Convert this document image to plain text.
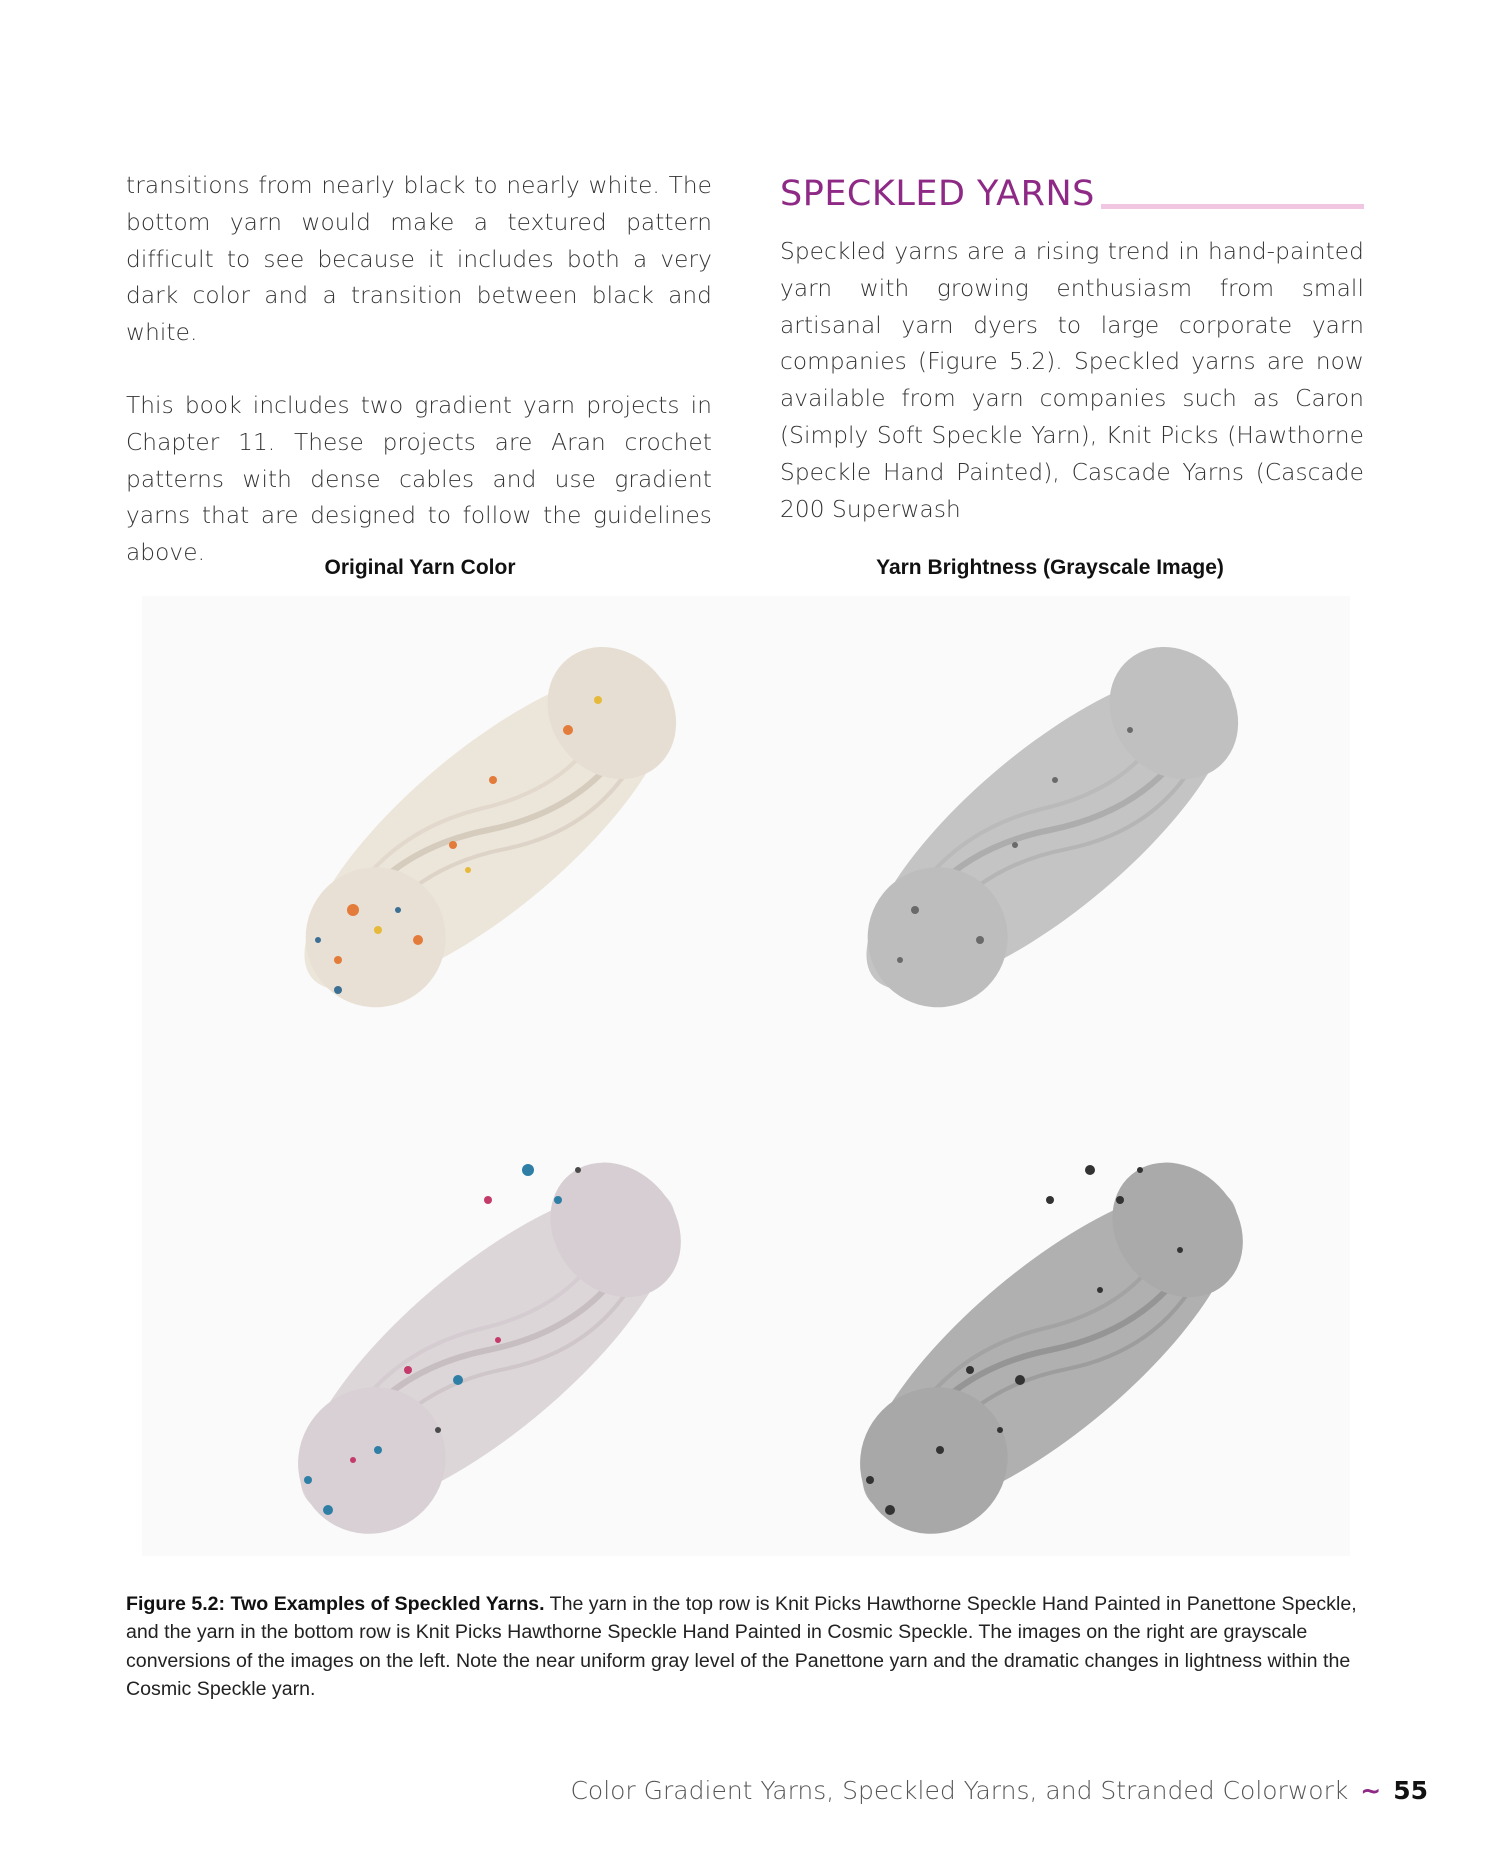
transitions from nearly black to nearly white. The bottom yarn would make a textured pattern difficult to see because it includes both a very dark color and a transition between black and white.

This book includes two gradient yarn projects in Chapter 11. These projects are Aran crochet patterns with dense cables and use gradient yarns that are designed to follow the guidelines above.

SPECKLED YARNS

Speckled yarns are a rising trend in hand-painted yarn with growing enthusiasm from small artisanal yarn dyers to large corporate yarn companies (Figure 5.2). Speckled yarns are now available from yarn companies such as Caron (Simply Soft Speckle Yarn), Knit Picks (Hawthorne Speckle Hand Painted), Cascade Yarns (Cascade 200 Superwash

Original Yarn Color	Yarn Brightness (Grayscale Image)
Figure 5.2: Two Examples of Speckled Yarns. The yarn in the top row is Knit Picks Hawthorne Speckle Hand Painted in Panettone Speckle, and the yarn in the bottom row is Knit Picks Hawthorne Speckle Hand Painted in Cosmic Speckle. The images on the right are grayscale conversions of the images on the left. Note the near uniform gray level of the Panettone yarn and the dramatic changes in lightness within the Cosmic Speckle yarn.
Color Gradient Yarns, Speckled Yarns, and Stranded Colorwork ~ 55
